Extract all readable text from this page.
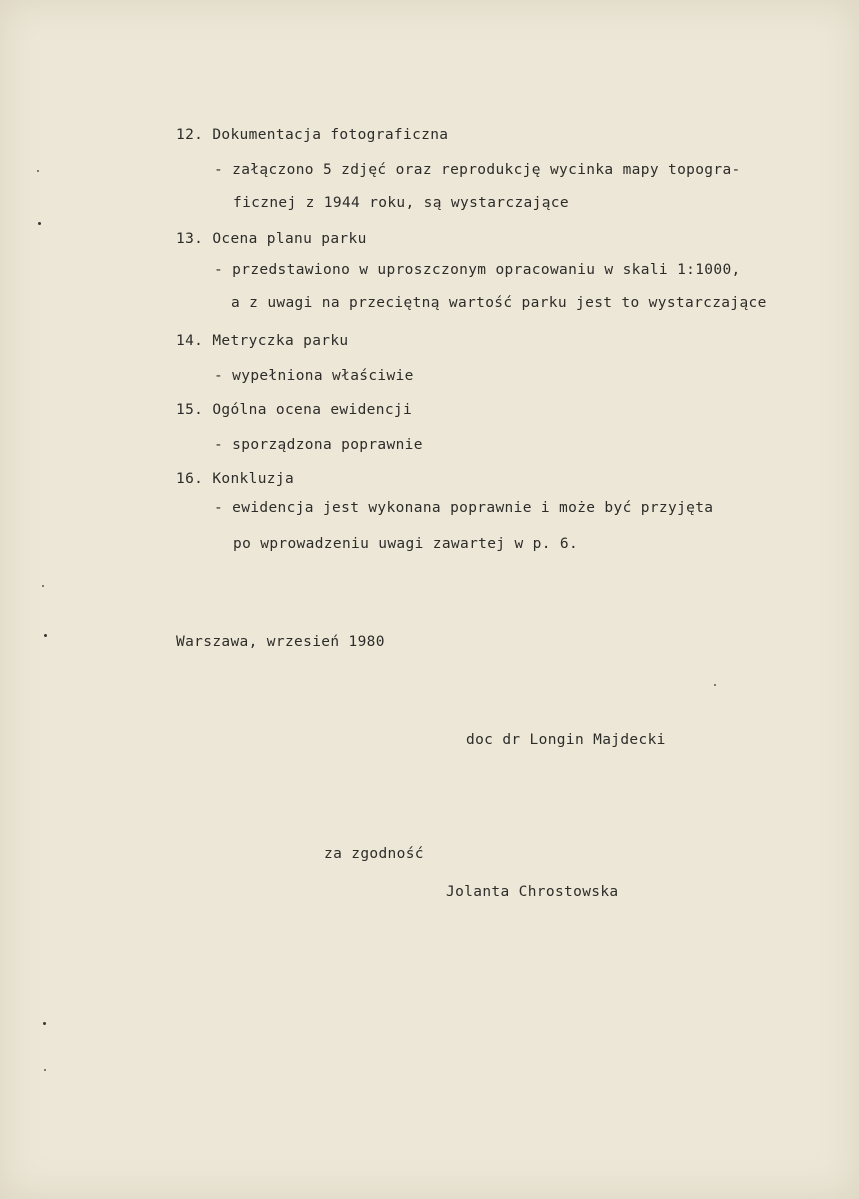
12. Dokumentacja fotograficzna
- załączono 5 zdjęć oraz reprodukcję wycinka mapy topogra-
ficznej z 1944 roku, są wystarczające
13. Ocena planu parku
- przedstawiono w uproszczonym opracowaniu w skali 1:1000,
a z uwagi na przeciętną wartość parku jest to wystarczające
14. Metryczka parku
- wypełniona właściwie
15. Ogólna ocena ewidencji
- sporządzona poprawnie
16. Konkluzja
- ewidencja jest wykonana poprawnie i może być przyjęta
po wprowadzeniu uwagi zawartej w p. 6.
Warszawa, wrzesień 1980
doc dr Longin Majdecki
za zgodność
Jolanta Chrostowska
